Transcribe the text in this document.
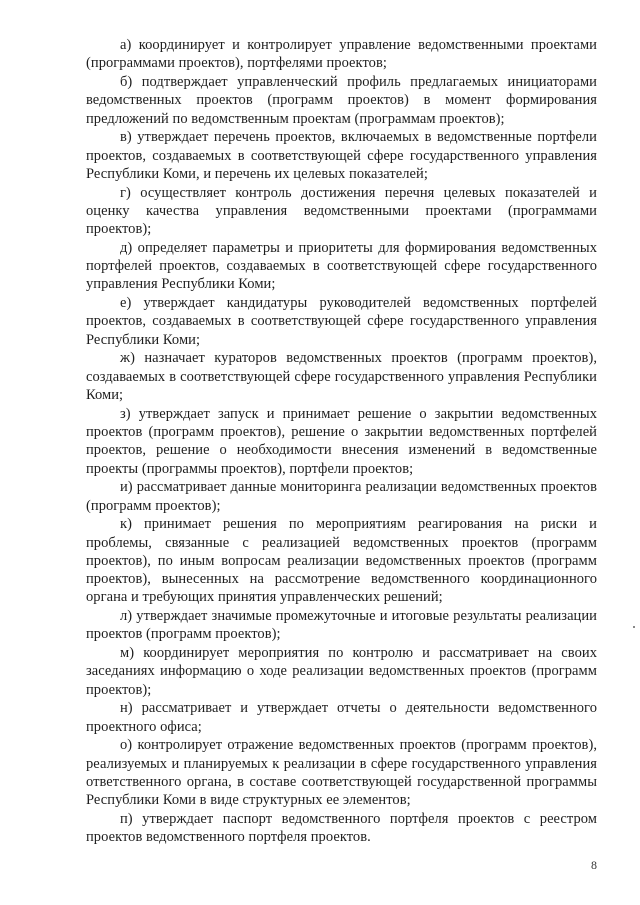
а) координирует и контролирует управление ведомственными проектами (программами проектов), портфелями проектов;

б) подтверждает управленческий профиль предлагаемых инициаторами ведомственных проектов (программ проектов) в момент формирования предложений по ведомственным проектам (программам проектов);

в) утверждает перечень проектов, включаемых в ведомственные портфели проектов, создаваемых в соответствующей сфере государственного управления Республики Коми, и перечень их целевых показателей;

г) осуществляет контроль достижения перечня целевых показателей и оценку качества управления ведомственными проектами (программами проектов);

д) определяет параметры и приоритеты для формирования ведомственных портфелей проектов, создаваемых в соответствующей сфере государственного управления Республики Коми;

е) утверждает кандидатуры руководителей ведомственных портфелей проектов, создаваемых в соответствующей сфере государственного управления Республики Коми;

ж) назначает кураторов ведомственных проектов (программ проектов), создаваемых в соответствующей сфере государственного управления Республики Коми;

з) утверждает запуск и принимает решение о закрытии ведомственных проектов (программ проектов), решение о закрытии ведомственных портфелей проектов, решение о необходимости внесения изменений в ведомственные проекты (программы проектов), портфели проектов;

и) рассматривает данные мониторинга реализации ведомственных проектов (программ проектов);

к) принимает решения по мероприятиям реагирования на риски и проблемы, связанные с реализацией ведомственных проектов (программ проектов), по иным вопросам реализации ведомственных проектов (программ проектов), вынесенных на рассмотрение ведомственного координационного органа и требующих принятия управленческих решений;

л) утверждает значимые промежуточные и итоговые результаты реализации проектов (программ проектов);

м) координирует мероприятия по контролю и рассматривает на своих заседаниях информацию о ходе реализации ведомственных проектов (программ проектов);

н) рассматривает и утверждает отчеты о деятельности ведомственного проектного офиса;

о) контролирует отражение ведомственных проектов (программ проектов), реализуемых и планируемых к реализации в сфере государственного управления ответственного органа, в составе соответствующей государственной программы Республики Коми в виде структурных ее элементов;

п) утверждает паспорт ведомственного портфеля проектов с реестром проектов ведомственного портфеля проектов.

8
